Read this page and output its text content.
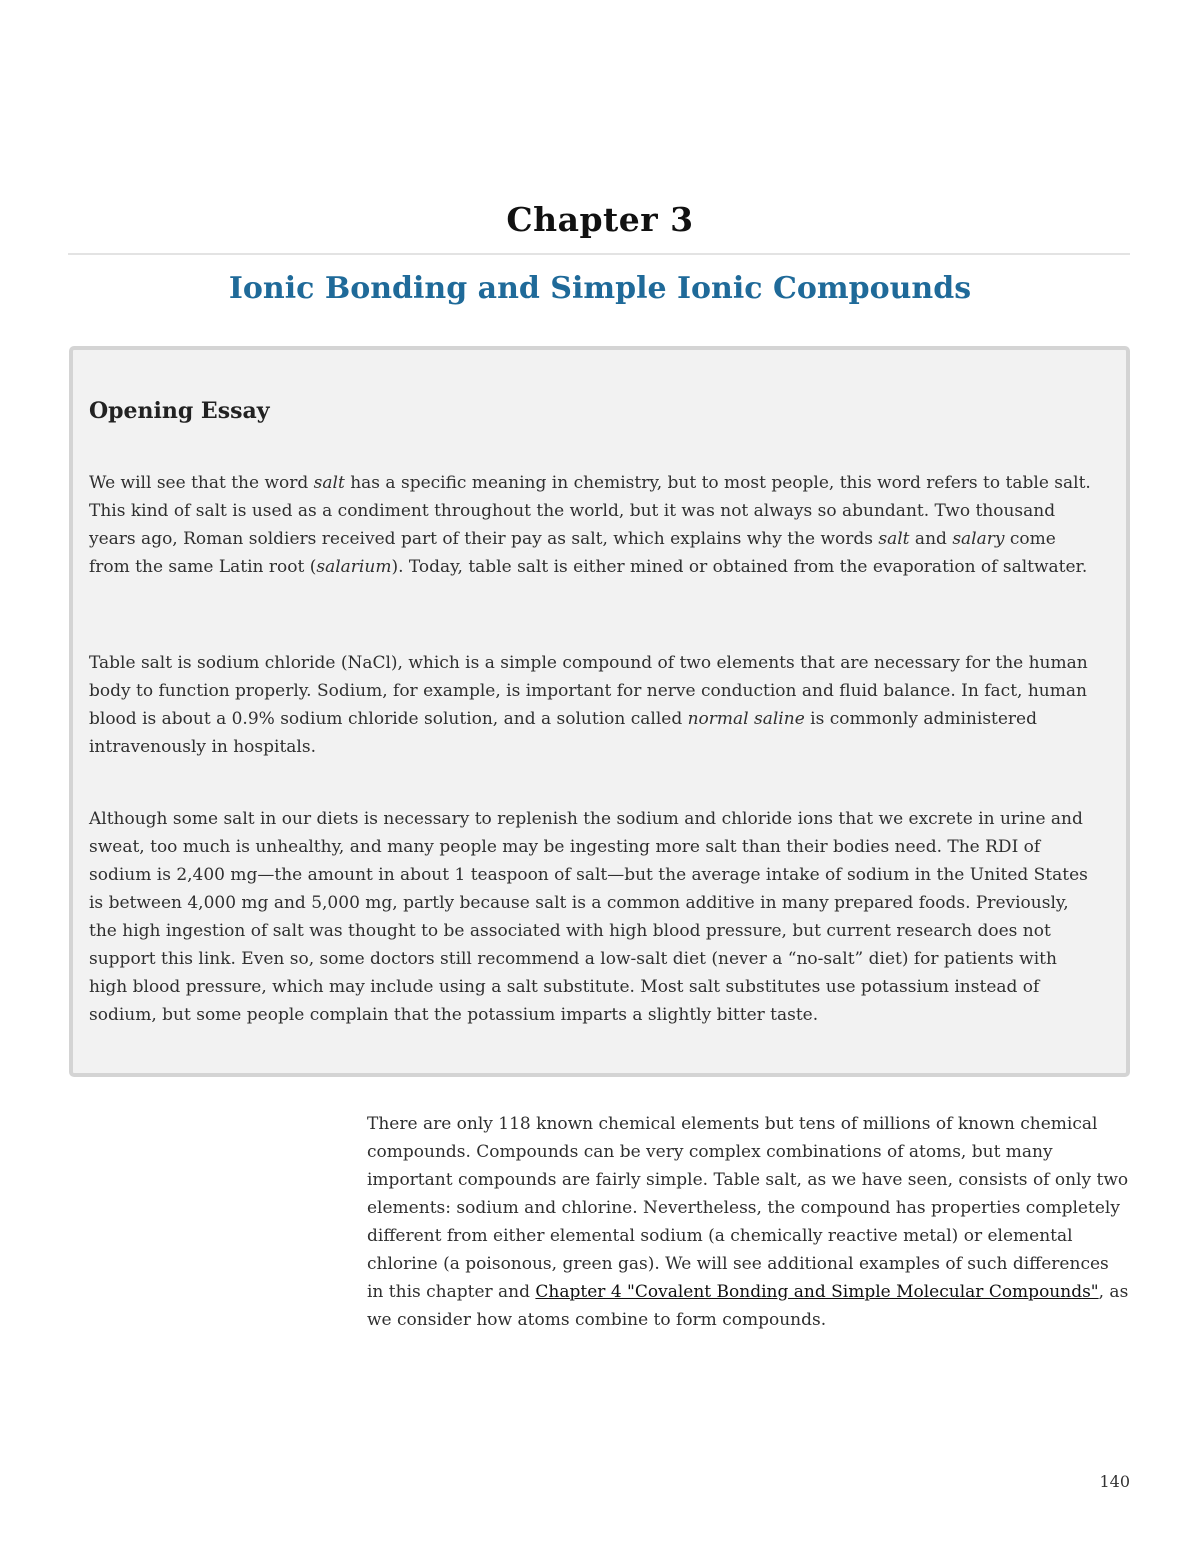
Chapter 3
Ionic Bonding and Simple Ionic Compounds
Opening Essay

We will see that the word salt has a specific meaning in chemistry, but to most people, this word refers to table salt. This kind of salt is used as a condiment throughout the world, but it was not always so abundant. Two thousand years ago, Roman soldiers received part of their pay as salt, which explains why the words salt and salary come from the same Latin root (salarium). Today, table salt is either mined or obtained from the evaporation of saltwater.

Table salt is sodium chloride (NaCl), which is a simple compound of two elements that are necessary for the human body to function properly. Sodium, for example, is important for nerve conduction and fluid balance. In fact, human blood is about a 0.9% sodium chloride solution, and a solution called normal saline is commonly administered intravenously in hospitals.

Although some salt in our diets is necessary to replenish the sodium and chloride ions that we excrete in urine and sweat, too much is unhealthy, and many people may be ingesting more salt than their bodies need. The RDI of sodium is 2,400 mg—the amount in about 1 teaspoon of salt—but the average intake of sodium in the United States is between 4,000 mg and 5,000 mg, partly because salt is a common additive in many prepared foods. Previously, the high ingestion of salt was thought to be associated with high blood pressure, but current research does not support this link. Even so, some doctors still recommend a low-salt diet (never a “no-salt” diet) for patients with high blood pressure, which may include using a salt substitute. Most salt substitutes use potassium instead of sodium, but some people complain that the potassium imparts a slightly bitter taste.

There are only 118 known chemical elements but tens of millions of known chemical compounds. Compounds can be very complex combinations of atoms, but many important compounds are fairly simple. Table salt, as we have seen, consists of only two elements: sodium and chlorine. Nevertheless, the compound has properties completely different from either elemental sodium (a chemically reactive metal) or elemental chlorine (a poisonous, green gas). We will see additional examples of such differences in this chapter and Chapter 4 "Covalent Bonding and Simple Molecular Compounds", as we consider how atoms combine to form compounds.

140
